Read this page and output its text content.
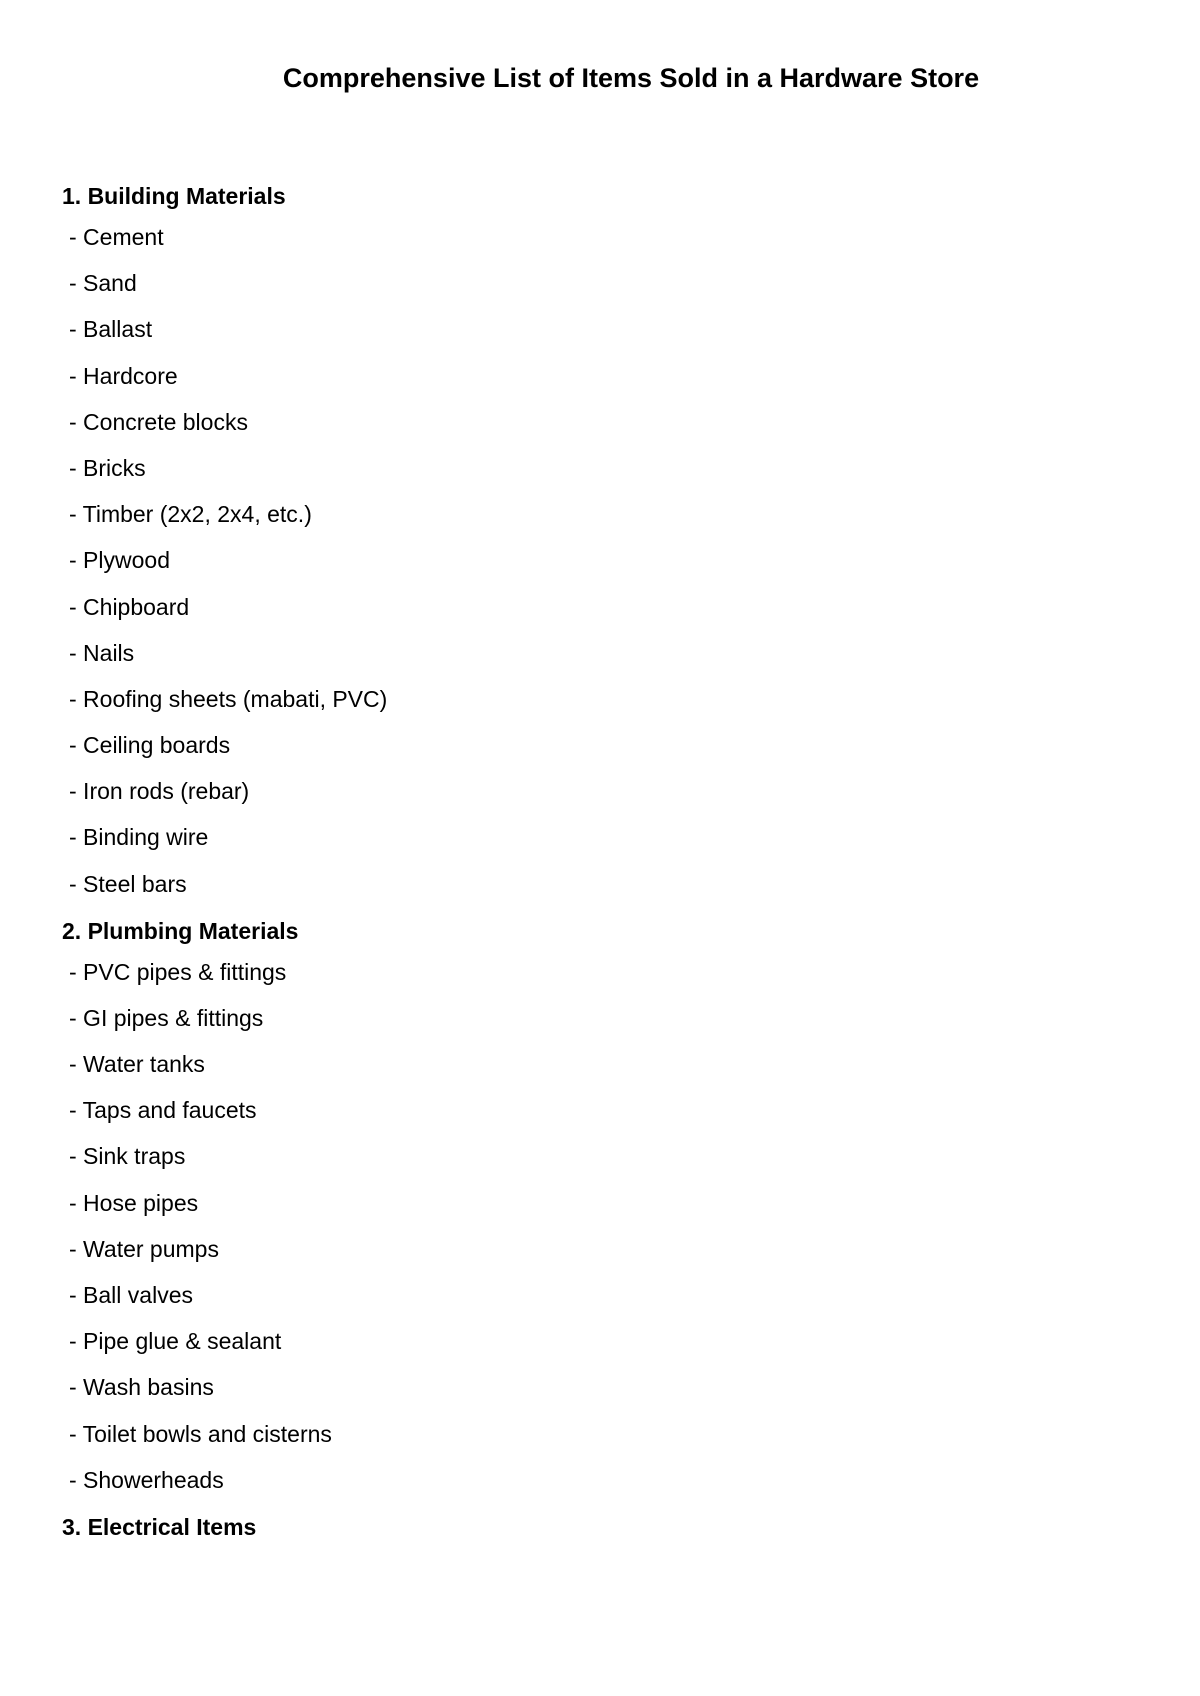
Comprehensive List of Items Sold in a Hardware Store
1. Building Materials
- Cement
- Sand
- Ballast
- Hardcore
- Concrete blocks
- Bricks
- Timber (2x2, 2x4, etc.)
- Plywood
- Chipboard
- Nails
- Roofing sheets (mabati, PVC)
- Ceiling boards
- Iron rods (rebar)
- Binding wire
- Steel bars
2. Plumbing Materials
- PVC pipes & fittings
- GI pipes & fittings
- Water tanks
- Taps and faucets
- Sink traps
- Hose pipes
- Water pumps
- Ball valves
- Pipe glue & sealant
- Wash basins
- Toilet bowls and cisterns
- Showerheads
3. Electrical Items
